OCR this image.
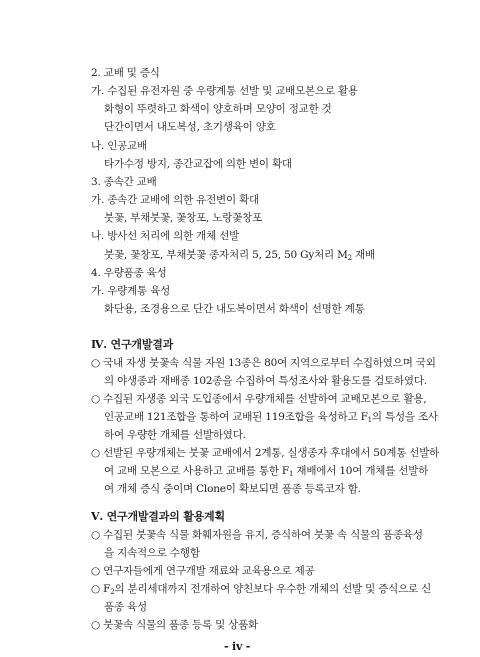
2. 교배 및 증식
가. 수집된 유전자원 중 우량계통 선발 및 교배모본으로 활용
화형이 뚜렷하고 화색이 양호하며 모양이 정교한 것
단간이면서 내도복성, 초기생육이 양호
나. 인공교배
타가수정 방지, 종간교잡에 의한 변이 확대
3. 종속간 교배
가. 종속간 교배에 의한 유전변이 확대
붓꽃, 부채붓꽃, 꽃창포, 노랑꽃창포
나. 방사선 처리에 의한 개체 선발
붓꽃, 꽃창포, 부채붓꽃 종자처리 5, 25, 50 Gy처리 $M_2$ 재배
4. 우량품종 육성
가. 우량계통 육성
화단용, 조경용으로 단간 내도복이면서 화색이 선명한 계통
Ⅳ. 연구개발결과
○ 국내 자생 붓꽃속 식물 자원 13종은 80여 지역으로부터 수집하였으며 국외
의 야생종과 재배종 102종을 수집하여 특성조사와 활용도를 검토하였다.
○ 수집된 자생종 외국 도입종에서 우량개체를 선발하여 교배모본으로 활용,
인공교배 121조합을 통하여 교배된 119조합을 육성하고 $F_1$의 특성을 조사
하여 우량한 개체를 선발하였다.
○ 선발된 우량개체는 붓꽃 교배에서 2계통, 실생종자 후대에서 50계통 선발하
여 교배 모본으로 사용하고 교배를 통한 $F_1$ 재배에서 10여 개체를 선발하
여 개체 증식 중이며 Clone이 확보되면 품종 등록코자 함.
Ⅴ. 연구개발결과의 활용계획
○ 수집된 붓꽃속 식물 화훼자원을 유지, 증식하여 붓꽃 속 식물의 품종육성
을 지속적으로 수행함
○ 연구자들에게 연구개발 재료와 교육용으로 제공
○ $F_2$의 분리세대까지 전개하여 양친보다 우수한 개체의 선발 및 증식으로 신
품종 육성
○ 붓꽃속 식물의 품종 등록 및 상품화
- iv -
